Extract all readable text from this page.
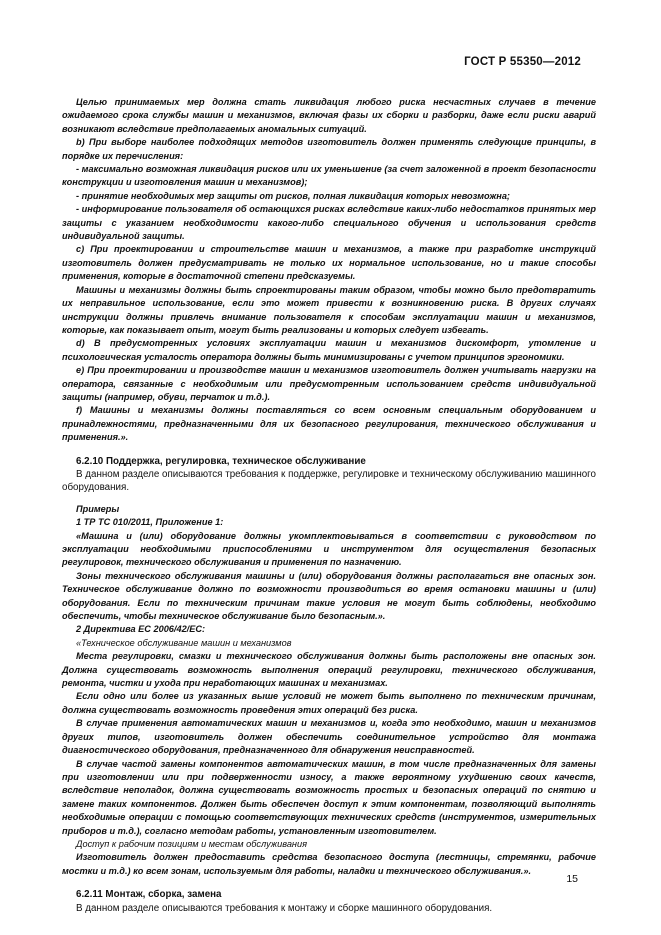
ГОСТ Р 55350—2012

Целью принимаемых мер должна стать ликвидация любого риска несчастных случаев в течение ожидаемого срока службы машин и механизмов, включая фазы их сборки и разборки, даже если риски аварий возникают вследствие предполагаемых аномальных ситуаций.

b) При выборе наиболее подходящих методов изготовитель должен применять следующие принципы, в порядке их перечисления:

- максимально возможная ликвидация рисков или их уменьшение (за счет заложенной в проект безопасности конструкции и изготовления машин и механизмов);

- принятие необходимых мер защиты от рисков, полная ликвидация которых невозможна;

- информирование пользователя об остающихся рисках вследствие каких-либо недостатков принятых мер защиты с указанием необходимости какого-либо специального обучения и использования средств индивидуальной защиты.

c) При проектировании и строительстве машин и механизмов, а также при разработке инструкций изготовитель должен предусматривать не только их нормальное использование, но и такие способы применения, которые в достаточной степени предсказуемы.

Машины и механизмы должны быть спроектированы таким образом, чтобы можно было предотвратить их неправильное использование, если это может привести к возникновению риска. В других случаях инструкции должны привлечь внимание пользователя к способам эксплуатации машин и механизмов, которые, как показывает опыт, могут быть реализованы и которых следует избегать.

d) В предусмотренных условиях эксплуатации машин и механизмов дискомфорт, утомление и психологическая усталость оператора должны быть минимизированы с учетом принципов эргономики.

e) При проектировании и производстве машин и механизмов изготовитель должен учитывать нагрузки на оператора, связанные с необходимым или предусмотренным использованием средств индивидуальной защиты (например, обуви, перчаток и т.д.).

f) Машины и механизмы должны поставляться со всем основным специальным оборудованием и принадлежностями, предназначенными для их безопасного регулирования, технического обслуживания и применения.».

6.2.10 Поддержка, регулировка, техническое обслуживание

В данном разделе описываются требования к поддержке, регулировке и техническому обслуживанию машинного оборудования.

Примеры

1 ТР ТС 010/2011, Приложение 1:

«Машина и (или) оборудование должны укомплектовываться в соответствии с руководством по эксплуатации необходимыми приспособлениями и инструментом для осуществления безопасных регулировок, технического обслуживания и применения по назначению.

Зоны технического обслуживания машины и (или) оборудования должны располагаться вне опасных зон. Техническое обслуживание должно по возможности производиться во время остановки машины и (или) оборудования. Если по техническим причинам такие условия не могут быть соблюдены, необходимо обеспечить, чтобы техническое обслуживание было безопасным.».

2 Директива ЕС 2006/42/ЕС:

«Техническое обслуживание машин и механизмов

Места регулировки, смазки и технического обслуживания должны быть расположены вне опасных зон. Должна существовать возможность выполнения операций регулировки, технического обслуживания, ремонта, чистки и ухода при неработающих машинах и механизмах.

Если одно или более из указанных выше условий не может быть выполнено по техническим причинам, должна существовать возможность проведения этих операций без риска.

В случае применения автоматических машин и механизмов и, когда это необходимо, машин и механизмов других типов, изготовитель должен обеспечить соединительное устройство для монтажа диагностического оборудования, предназначенного для обнаружения неисправностей.

В случае частой замены компонентов автоматических машин, в том числе предназначенных для замены при изготовлении или при подверженности износу, а также вероятному ухудшению своих качеств, вследствие неполадок, должна существовать возможность простых и безопасных операций по снятию и замене таких компонентов. Должен быть обеспечен доступ к этим компонентам, позволяющий выполнять необходимые операции с помощью соответствующих технических средств (инструментов, измерительных приборов и т.д.), согласно методам работы, установленным изготовителем.

Доступ к рабочим позициям и местам обслуживания

Изготовитель должен предоставить средства безопасного доступа (лестницы, стремянки, рабочие мостки и т.д.) ко всем зонам, используемым для работы, наладки и технического обслуживания.».

6.2.11 Монтаж, сборка, замена

В данном разделе описываются требования к монтажу и сборке машинного оборудования.

15
